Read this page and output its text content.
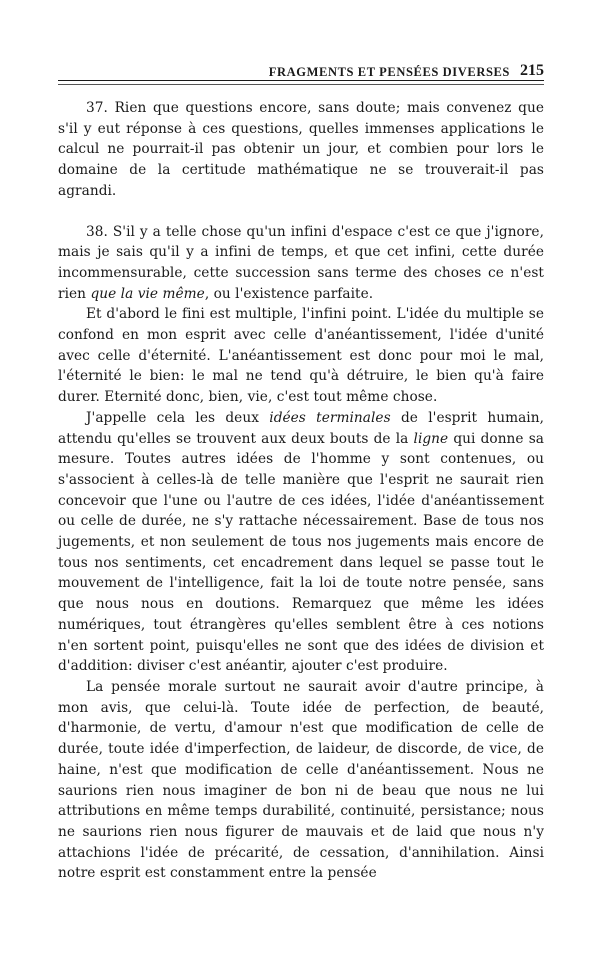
FRAGMENTS ET PENSÉES DIVERSES 215

37. Rien que questions encore, sans doute; mais convenez que s'il y eut réponse à ces questions, quelles immenses applications le calcul ne pourrait-il pas obtenir un jour, et combien pour lors le domaine de la certitude mathématique ne se trouverait-il pas agrandi.

38. S'il y a telle chose qu'un infini d'espace c'est ce que j'ignore, mais je sais qu'il y a infini de temps, et que cet infini, cette durée incommensurable, cette succession sans terme des choses ce n'est rien que la vie même, ou l'existence parfaite.

Et d'abord le fini est multiple, l'infini point. L'idée du multiple se confond en mon esprit avec celle d'anéantissement, l'idée d'unité avec celle d'éternité. L'anéantissement est donc pour moi le mal, l'éternité le bien: le mal ne tend qu'à détruire, le bien qu'à faire durer. Eternité donc, bien, vie, c'est tout même chose.

J'appelle cela les deux idées terminales de l'esprit humain, attendu qu'elles se trouvent aux deux bouts de la ligne qui donne sa mesure. Toutes autres idées de l'homme y sont contenues, ou s'associent à celles-là de telle manière que l'esprit ne saurait rien concevoir que l'une ou l'autre de ces idées, l'idée d'anéantissement ou celle de durée, ne s'y rattache nécessairement. Base de tous nos jugements, et non seulement de tous nos jugements mais encore de tous nos sentiments, cet encadrement dans lequel se passe tout le mouvement de l'intelligence, fait la loi de toute notre pensée, sans que nous nous en doutions. Remarquez que même les idées numériques, tout étrangères qu'elles semblent être à ces notions n'en sortent point, puisqu'elles ne sont que des idées de division et d'addition: diviser c'est anéantir, ajouter c'est produire.

La pensée morale surtout ne saurait avoir d'autre principe, à mon avis, que celui-là. Toute idée de perfection, de beauté, d'harmonie, de vertu, d'amour n'est que modification de celle de durée, toute idée d'imperfection, de laideur, de discorde, de vice, de haine, n'est que modification de celle d'anéantissement. Nous ne saurions rien nous imaginer de bon ni de beau que nous ne lui attributions en même temps durabilité, continuité, persistance; nous ne saurions rien nous figurer de mauvais et de laid que nous n'y attachions l'idée de précarité, de cessation, d'annihilation. Ainsi notre esprit est constamment entre la pensée
